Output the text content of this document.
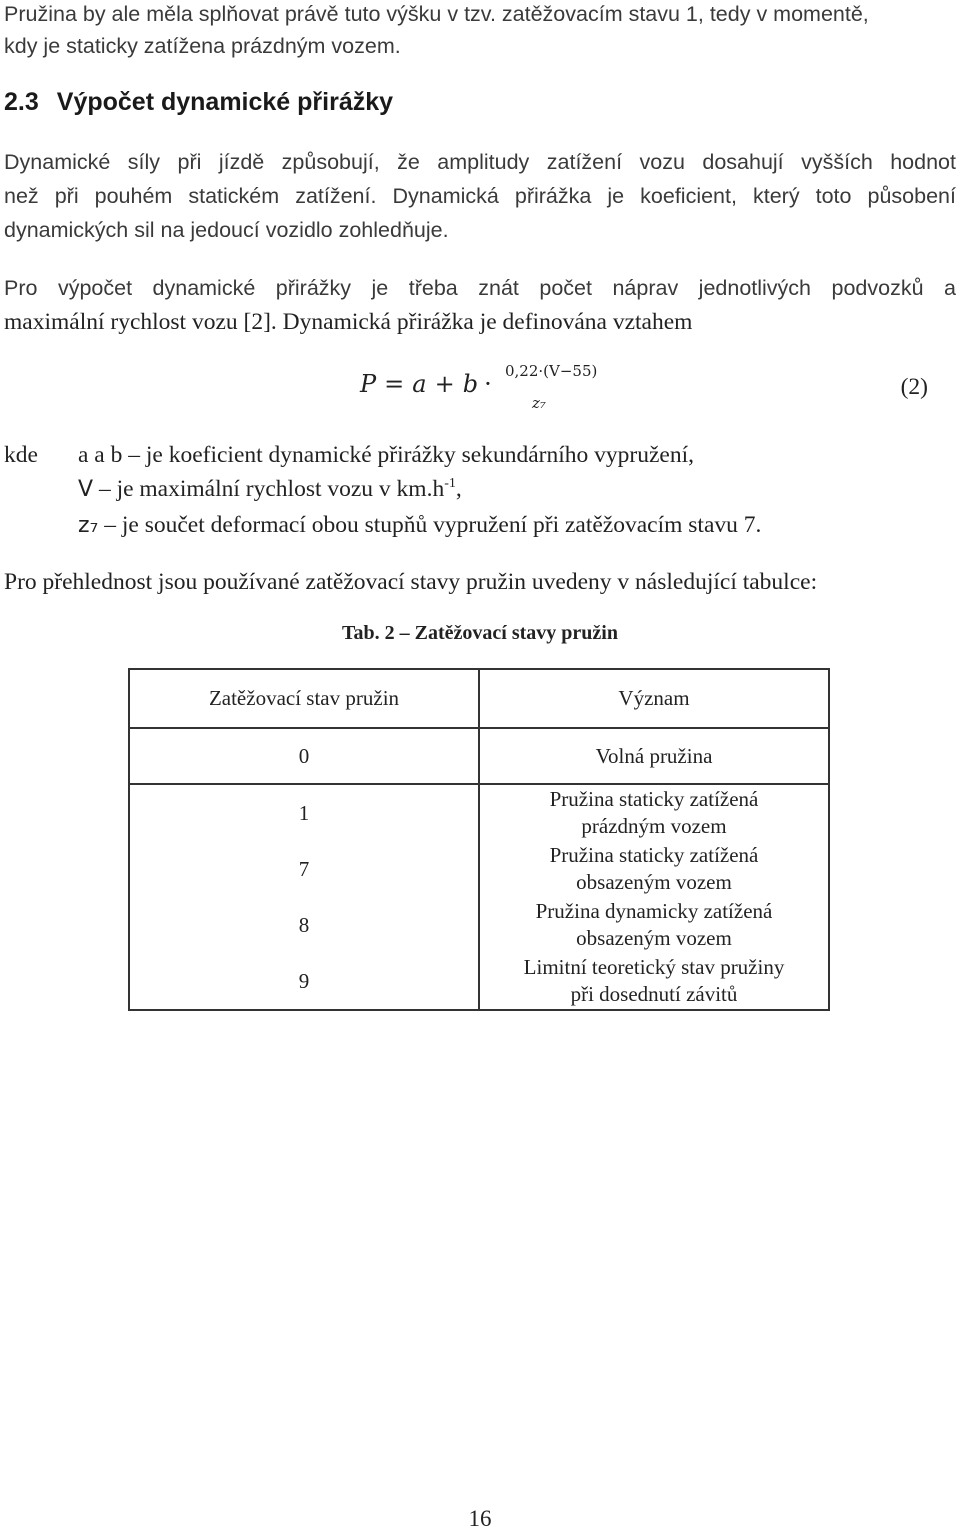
Pružina by ale měla splňovat právě tuto výšku v tzv. zatěžovacím stavu 1, tedy v momentě,
kdy je staticky zatížena prázdným vozem.
2.3 Výpočet dynamické přirážky
Dynamické síly při jízdě způsobují, že amplitudy zatížení vozu dosahují vyšších hodnot
než při pouhém statickém zatížení. Dynamická přirážka je koeficient, který toto působení
dynamických sil na jedoucí vozidlo zohledňuje.
Pro výpočet dynamické přirážky je třeba znát počet náprav jednotlivých podvozků a
maximální rychlost vozu [2]. Dynamická přirážka je definována vztahem
P = a + b · 0,22·(V−55)
z₇
(2)
kde a a b – je koeficient dynamické přirážky sekundárního vypružení,
V – je maximální rychlost vozu v $km.h^{-1}$,
z₇ – je součet deformací obou stupňů vypružení při zatěžovacím stavu 7.
Pro přehlednost jsou používané zatěžovací stavy pružin uvedeny v následující tabulce:
Tab. 2 – Zatěžovací stavy pružin
Zatěžovací stav pružin	Význam
0	Volná pružina
1	Pružina staticky zatížená
prázdným vozem
7	Pružina staticky zatížená
obsazeným vozem
8	Pružina dynamicky zatížená
obsazeným vozem
9	Limitní teoretický stav pružiny
při dosednutí závitů
16
